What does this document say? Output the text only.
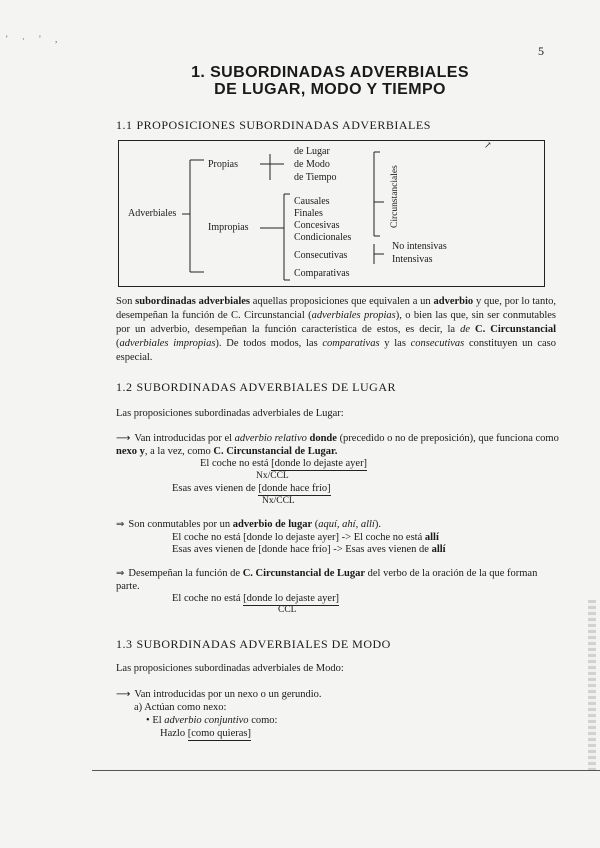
' · ' ,
5
1. SUBORDINADAS ADVERBIALES
DE LUGAR, MODO Y TIEMPO
1.1 PROPOSICIONES SUBORDINADAS ADVERBIALES
Adverbiales
Propias
Impropias
de Lugar
de Modo
de Tiempo
Causales
Finales
Concesivas
Condicionales
Consecutivas
Comparativas
Circunstanciales
No intensivas
Intensivas
↗
Son subordinadas adverbiales aquellas proposiciones que equivalen a un adverbio y que, por lo tanto, desempeñan la función de C. Circunstancial (adverbiales propias), o bien las que, sin ser conmutables por un adverbio, desempeñan la función característica de estos, es decir, la de C. Circunstancial (adverbiales impropias). De todos modos, las comparativas y las consecutivas constituyen un caso especial.
1.2 SUBORDINADAS ADVERBIALES DE LUGAR
Las proposiciones subordinadas adverbiales de Lugar:
⟶ Van introducidas por el adverbio relativo donde (precedido o no de preposición), que funciona como
nexo y, a la vez, como C. Circunstancial de Lugar.
El coche no está [donde lo dejaste ayer]
Nx/CCL
Esas aves vienen de [donde hace frío]
Nx/CCL
⇒ Son conmutables por un adverbio de lugar (aquí, ahí, allí).
El coche no está [donde lo dejaste ayer] -> El coche no está allí
Esas aves vienen de [donde hace frío] -> Esas aves vienen de allí
⇒ Desempeñan la función de C. Circunstancial de Lugar del verbo de la oración de la que forman
parte.
El coche no está [donde lo dejaste ayer]
CCL
1.3 SUBORDINADAS ADVERBIALES DE MODO
Las proposiciones subordinadas adverbiales de Modo:
⟶ Van introducidas por un nexo o un gerundio.
a) Actúan como nexo:
• El adverbio conjuntivo como:
Hazlo [como quieras]
